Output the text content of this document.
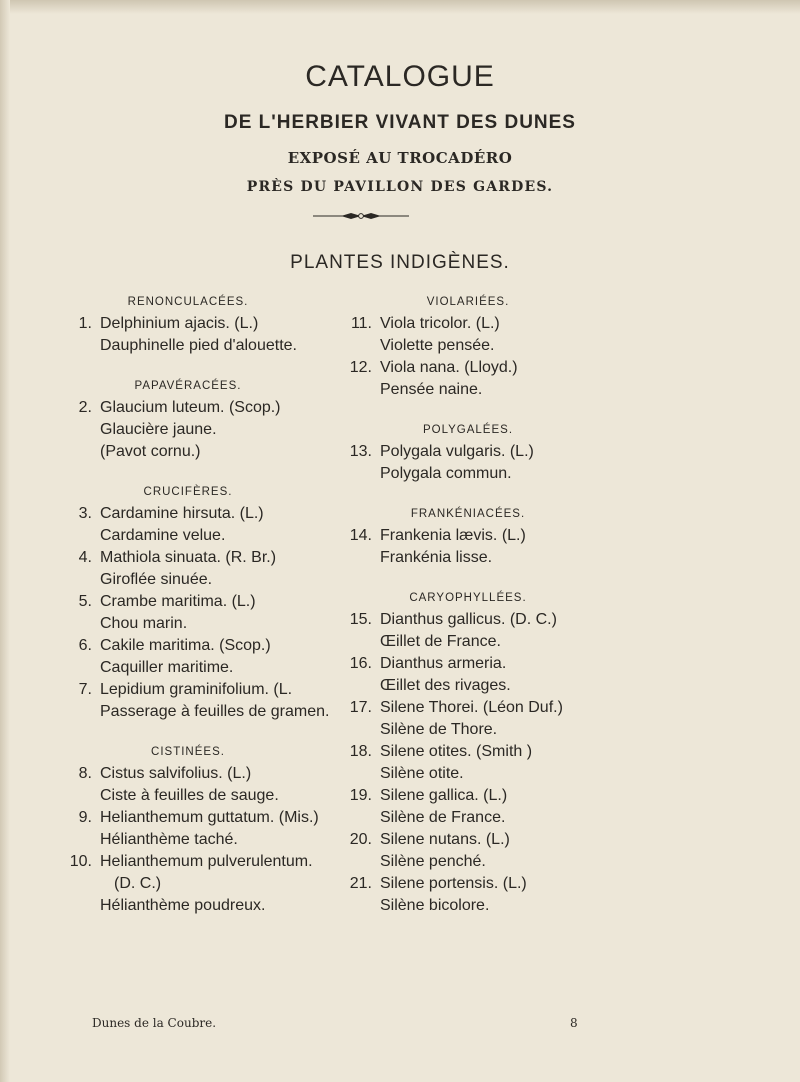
CATALOGUE
DE L'HERBIER VIVANT DES DUNES
EXPOSÉ AU TROCADÉRO
PRÈS DU PAVILLON DES GARDES.
PLANTES INDIGÈNES.
RENONCULACÉES.
1. Delphinium ajacis. (L.)
Dauphinelle pied d'alouette.
PAPAVÉRACÉES.
2. Glaucium luteum. (Scop.)
Glaucière jaune.
(Pavot cornu.)
CRUCIFÈRES.
3. Cardamine hirsuta. (L.)
Cardamine velue.
4. Mathiola sinuata. (R. Br.)
Giroflée sinuée.
5. Crambe maritima. (L.)
Chou marin.
6. Cakile maritima. (Scop.)
Caquiller maritime.
7. Lepidium graminifolium. (L.
Passerage à feuilles de gramen.
CISTINÉES.
8. Cistus salvifolius. (L.)
Ciste à feuilles de sauge.
9. Helianthemum guttatum. (Mis.)
Hélianthème taché.
10. Helianthemum pulverulentum.
(D. C.)
Hélianthème poudreux.
VIOLARIÉES.
11. Viola tricolor. (L.)
Violette pensée.
12. Viola nana. (Lloyd.)
Pensée naine.
POLYGALÉES.
13. Polygala vulgaris. (L.)
Polygala commun.
FRANKÉNIACÉES.
14. Frankenia lævis. (L.)
Frankénia lisse.
CARYOPHYLLÉES.
15. Dianthus gallicus. (D. C.)
Œillet de France.
16. Dianthus armeria.
Œillet des rivages.
17. Silene Thorei. (Léon Duf.)
Silène de Thore.
18. Silene otites. (Smith )
Silène otite.
19. Silene gallica. (L.)
Silène de France.
20. Silene nutans. (L.)
Silène penché.
21. Silene portensis. (L.)
Silène bicolore.
Dunes de la Coubre.	8
